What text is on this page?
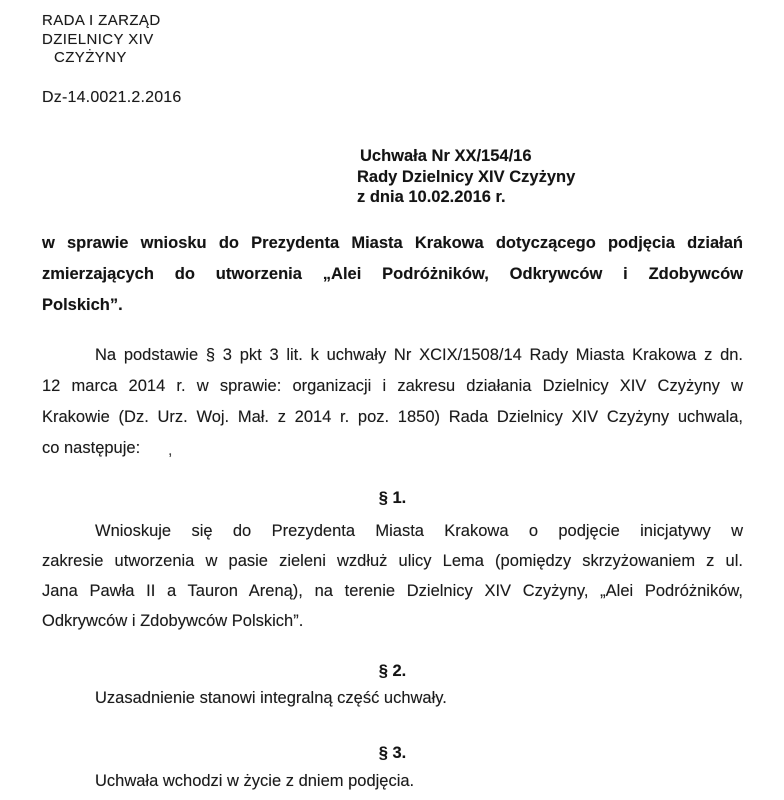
RADA I ZARZĄD
DZIELNICY XIV
CZYŻYNY
Dz-14.0021.2.2016
Uchwała Nr XX/154/16
Rady Dzielnicy XIV Czyżyny
z dnia 10.02.2016 r.
w sprawie wniosku do Prezydenta Miasta Krakowa dotyczącego podjęcia działań
zmierzających do utworzenia „Alei Podróżników, Odkrywców i Zdobywców
Polskich”.
Na podstawie § 3 pkt 3 lit. k uchwały Nr XCIX/1508/14 Rady Miasta Krakowa z dn.
12 marca 2014 r. w sprawie: organizacji i zakresu działania Dzielnicy XIV Czyżyny w
Krakowie (Dz. Urz. Woj. Mał. z 2014 r. poz. 1850) Rada Dzielnicy XIV Czyżyny uchwala,
co następuje: ,
§ 1.
Wnioskuje się do Prezydenta Miasta Krakowa o podjęcie inicjatywy w
zakresie utworzenia w pasie zieleni wzdłuż ulicy Lema (pomiędzy skrzyżowaniem z ul.
Jana Pawła II a Tauron Areną), na terenie Dzielnicy XIV Czyżyny, „Alei Podróżników,
Odkrywców i Zdobywców Polskich”.
§ 2.
Uzasadnienie stanowi integralną część uchwały.
§ 3.
Uchwała wchodzi w życie z dniem podjęcia.
